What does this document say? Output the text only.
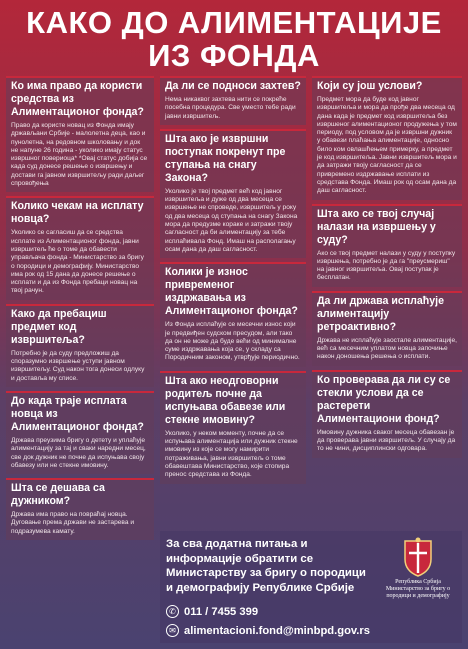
КАКО ДО АЛИМЕНТАЦИЈЕ
ИЗ ФОНДА
Ко има право да користи средства из Алиментационог фонда?

Право да користе новац из Фонда имају држављани Србије - малолетна деца, као и пунолетна, на редовном школовању и док не напуне 26 година - уколико имају статус извршног повериоца* *Овај статус добија се када суд донесе решење о извршењу и достави га јавном извршитељу ради даљег спровођења

Колико чекам на исплату новца?

Уколико се сагласиш да се средства исплате из Алиментационог фонда, јавни извршитељ ће о томе да обавести управљача фонда - Министарство за бригу о породици и демографију. Министарство има рок од 15 дана да донесе решење о исплати и да из Фонда пребаци новац на твој рачун.

Како да пребациш предмет код извршитеља?

Потребно је да суду предложиш да споразумно извршење уступи јавном извршитељу. Суд након тога донеси одлуку и доставља му списе.

До када траје исплата новца из Алиментационог фонда?

Држава преузима бригу о детету и уплаћује алиментацију за тај и сваки наредни месец, све док дужник не почне да испуњава своју обавезу или не стекне имовину.

Шта се дешава са дужником?

Држава има право на повраћај новца. Дуговање према држави не застарева и подразумева камату.

Да ли се подноси захтев?

Нема никаквог захтева нити се покреће посебна процедура. Све уместо тебе ради јавни извршитељ.

Шта ако је извршни поступак покренут пре ступања на снагу Закона?

Уколико је твој предмет већ код јавног извршитеља и дуже од два месеца се извршење не спроведе, извршитељ у року од два месеца од ступања на снагу Закона мора да предузме кораке и затражи твоју сагласност да би алиментацију за тебе исплаћивала Фонд. Имаш на располагању осам дана да даш сагласност.

Колики је износ привременог издржавања из Алиментационог фонда?

Из Фонда исплаћује се месечни износ који је предвиђен судском пресудом, али тако да он не може да буде већи од минималне суме издржавања која се, у складу са Породичним законом, утврђује периодично.

Шта ако неодговорни родитељ почне да испуњава обавезе или стекне имовину?

Уколико, у неком моменту, почне да се испуњава алиментација или дужник стекне имовину из које се могу намирити потраживања, јавни извршитељ о томе обавештава Министарство, које стопира пренос средстава из Фонда.

Који су још услови?

Предмет мора да буде код јавног извршитеља и мора да прође два месеца од дана када је предмет код извршитеља без извршеног алиментационог продужења у том периоду, под условом да је извршни дужник у обавези плаћања алиментације, односно било ком овлашћењем примерку, а предмет је код извршитеља. Јавни извршитељ мора и да затражи твоју сагласност да се привремено издржавање исплати из средстава Фонда. Имаш рок од осам дана да даш сагласност.

Шта ако се твој случај налази на извршењу у суду?

Ако се твој предмет налази у суду у поступку извршења, потребно је да га "преусмериш" на јавног извршитеља. Овај поступак је бесплатан.

Да ли држава исплаћује алиментацију ретроактивно?

Држава не исплаћује заостале алиментације, већ са месечним уплатом новца започиње након доношења решења о исплати.

Ко проверава да ли су се стекли услови да се растерети Алиментациони фонд?

Имовину дужника сваког месеца обавезан је да проверава јавни извршитељ. У случају да то не чини, дисциплински одговара.

За сва додатна питања и информације обратити се Министарству за бригу о породици и демографију Републике Србије
✆ 011 / 7455 399
✉ alimentacioni.fond@minbpd.gov.rs
Република Србија
Министарство за бригу о
породици и демографију
